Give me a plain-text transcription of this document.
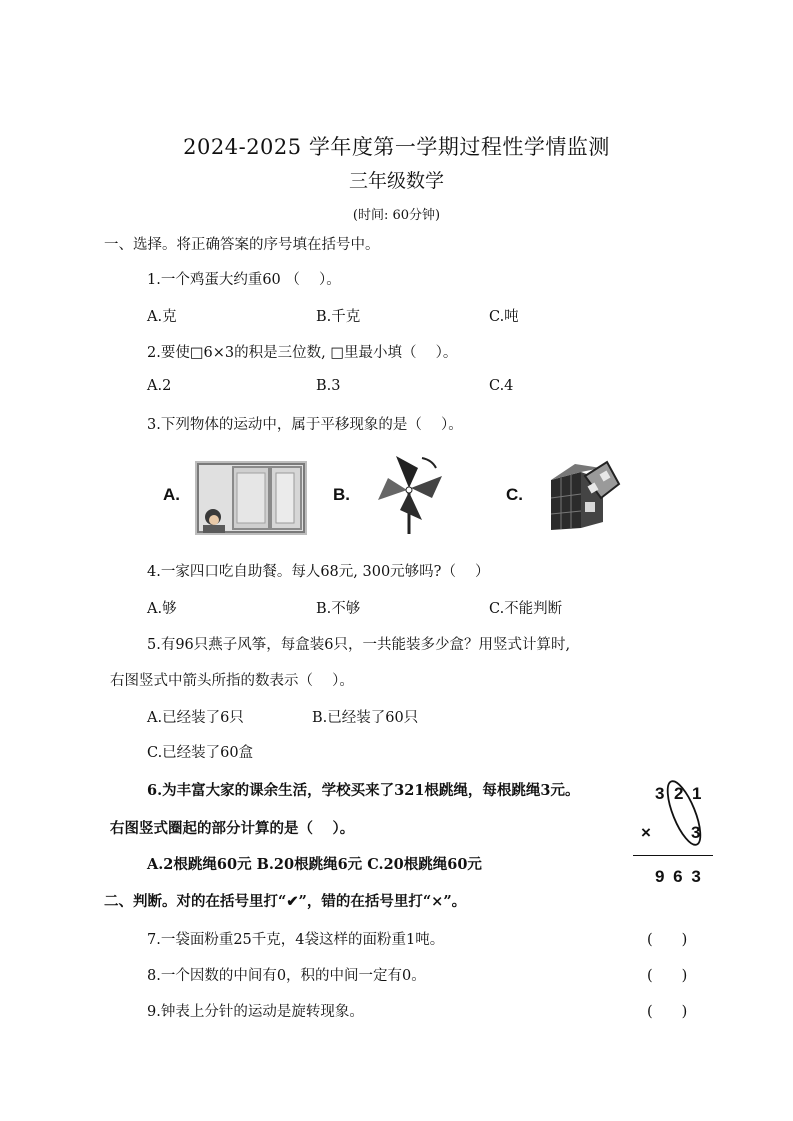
2024-2025 学年度第一学期过程性学情监测
三年级数学
(时间: 60分钟)
一、选择。将正确答案的序号填在括号中。
1.一个鸡蛋大约重60 （　 ）。
A.克	B.千克	C.吨
2.要使□6×3的积是三位数, □里最小填（　 ）。
A.2	B.3	C.4
3.下列物体的运动中，属于平移现象的是（　 ）。
A.	B.	C.
4.一家四口吃自助餐。每人68元, 300元够吗?（　 ）
A.够	B.不够	C.不能判断
5.有96只燕子风筝，每盒装6只，一共能装多少盒？用竖式计算时,
右图竖式中箭头所指的数表示（　 ）。
A.已经装了6只	B.已经装了60只
C.已经装了60盒
6.为丰富大家的课余生活，学校买来了321根跳绳，每根跳绳3元。
右图竖式圈起的部分计算的是（　 ）。
A.2根跳绳60元 B.20根跳绳6元 C.20根跳绳60元
3 2 1
× 3
9 6 3
二、判断。对的在括号里打“✔”，错的在括号里打“×”。
7.一袋面粉重25千克，4袋这样的面粉重1吨。	(　　)
8.一个因数的中间有0，积的中间一定有0。	(　　)
9.钟表上分针的运动是旋转现象。	(　　)
